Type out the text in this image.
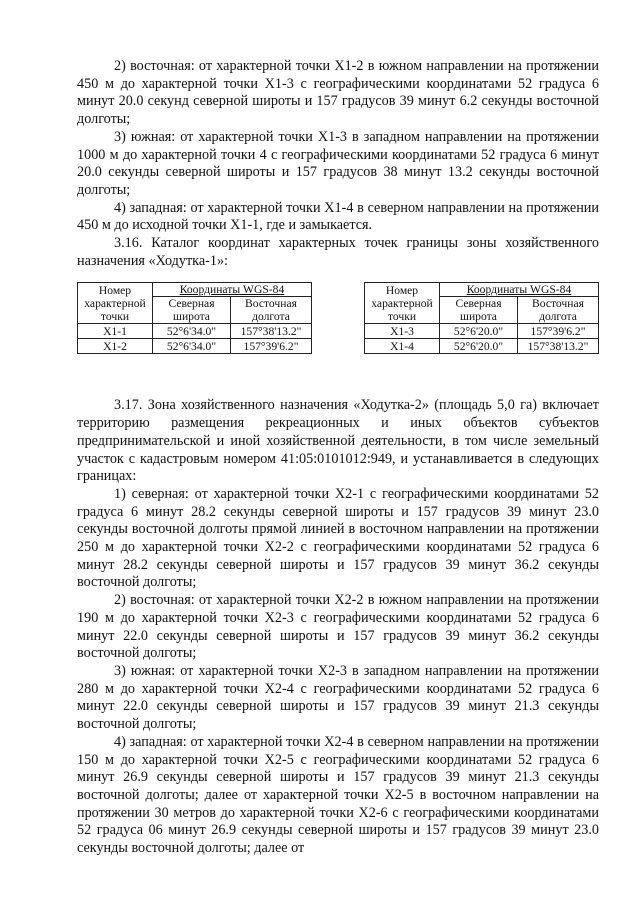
2) восточная: от характерной точки X1-2 в южном направлении на протяжении 450 м до характерной точки X1-3 с географическими координатами 52 градуса 6 минут 20.0 секунд северной широты и 157 градусов 39 минут 6.2 секунды восточной долготы;

3) южная: от характерной точки X1-3 в западном направлении на протяжении 1000 м до характерной точки 4 с географическими координатами 52 градуса 6 минут 20.0 секунды северной широты и 157 градусов 38 минут 13.2 секунды восточной долготы;

4) западная: от характерной точки X1-4 в северном направлении на протяжении 450 м до исходной точки X1-1, где и замыкается.

3.16. Каталог координат характерных точек границы зоны хозяйственного назначения «Ходутка-1»:

Номер характерной точки	Координаты WGS-84	
	Северная широта	Восточная долгота
X1-1	52°6'34.0"	157°38'13.2"
X1-2	52°6'34.0"	157°39'6.2"
Номер характерной точки	Координаты WGS-84	
	Северная широта	Восточная долгота
X1-3	52°6'20.0"	157°39'6.2"
X1-4	52°6'20.0"	157°38'13.2"

3.17. Зона хозяйственного назначения «Ходутка-2» (площадь 5,0 га) включает территорию размещения рекреационных и иных объектов субъектов предпринимательской и иной хозяйственной деятельности, в том числе земельный участок с кадастровым номером 41:05:0101012:949, и устанавливается в следующих границах:

1) северная: от характерной точки X2-1 с географическими координатами 52 градуса 6 минут 28.2 секунды северной широты и 157 градусов 39 минут 23.0 секунды восточной долготы прямой линией в восточном направлении на протяжении 250 м до характерной точки X2-2 с географическими координатами 52 градуса 6 минут 28.2 секунды северной широты и 157 градусов 39 минут 36.2 секунды восточной долготы;

2) восточная: от характерной точки X2-2 в южном направлении на протяжении 190 м до характерной точки X2-3 с географическими координатами 52 градуса 6 минут 22.0 секунды северной широты и 157 градусов 39 минут 36.2 секунды восточной долготы;

3) южная: от характерной точки X2-3 в западном направлении на протяжении 280 м до характерной точки X2-4 с географическими координатами 52 градуса 6 минут 22.0 секунды северной широты и 157 градусов 39 минут 21.3 секунды восточной долготы;

4) западная: от характерной точки X2-4 в северном направлении на протяжении 150 м до характерной точки X2-5 с географическими координатами 52 градуса 6 минут 26.9 секунды северной широты и 157 градусов 39 минут 21.3 секунды восточной долготы; далее от характерной точки X2-5 в восточном направлении на протяжении 30 метров до характерной точки X2-6 с географическими координатами 52 градуса 06 минут 26.9 секунды северной широты и 157 градусов 39 минут 23.0 секунды восточной долготы; далее от
